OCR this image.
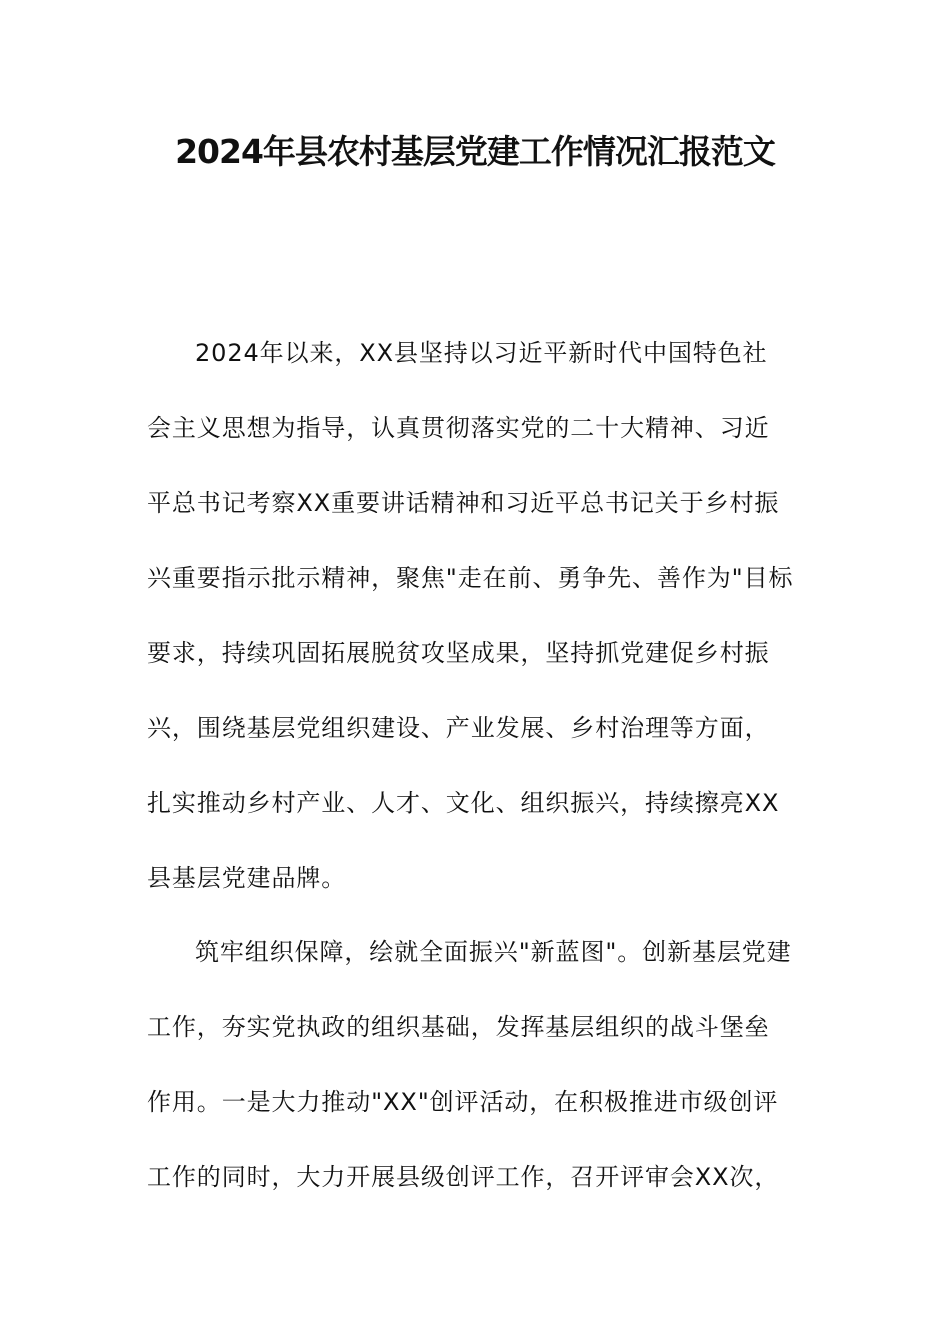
2024年县农村基层党建工作情况汇报范文
2024年以来，XX县坚持以习近平新时代中国特色社
会主义思想为指导，认真贯彻落实党的二十大精神、习近
平总书记考察XX重要讲话精神和习近平总书记关于乡村振
兴重要指示批示精神，聚焦"走在前、勇争先、善作为"目标
要求，持续巩固拓展脱贫攻坚成果，坚持抓党建促乡村振
兴，围绕基层党组织建设、产业发展、乡村治理等方面，
扎实推动乡村产业、人才、文化、组织振兴，持续擦亮XX
县基层党建品牌。
筑牢组织保障，绘就全面振兴"新蓝图"。创新基层党建
工作，夯实党执政的组织基础，发挥基层组织的战斗堡垒
作用。一是大力推动"XX"创评活动，在积极推进市级创评
工作的同时，大力开展县级创评工作，召开评审会XX次，
